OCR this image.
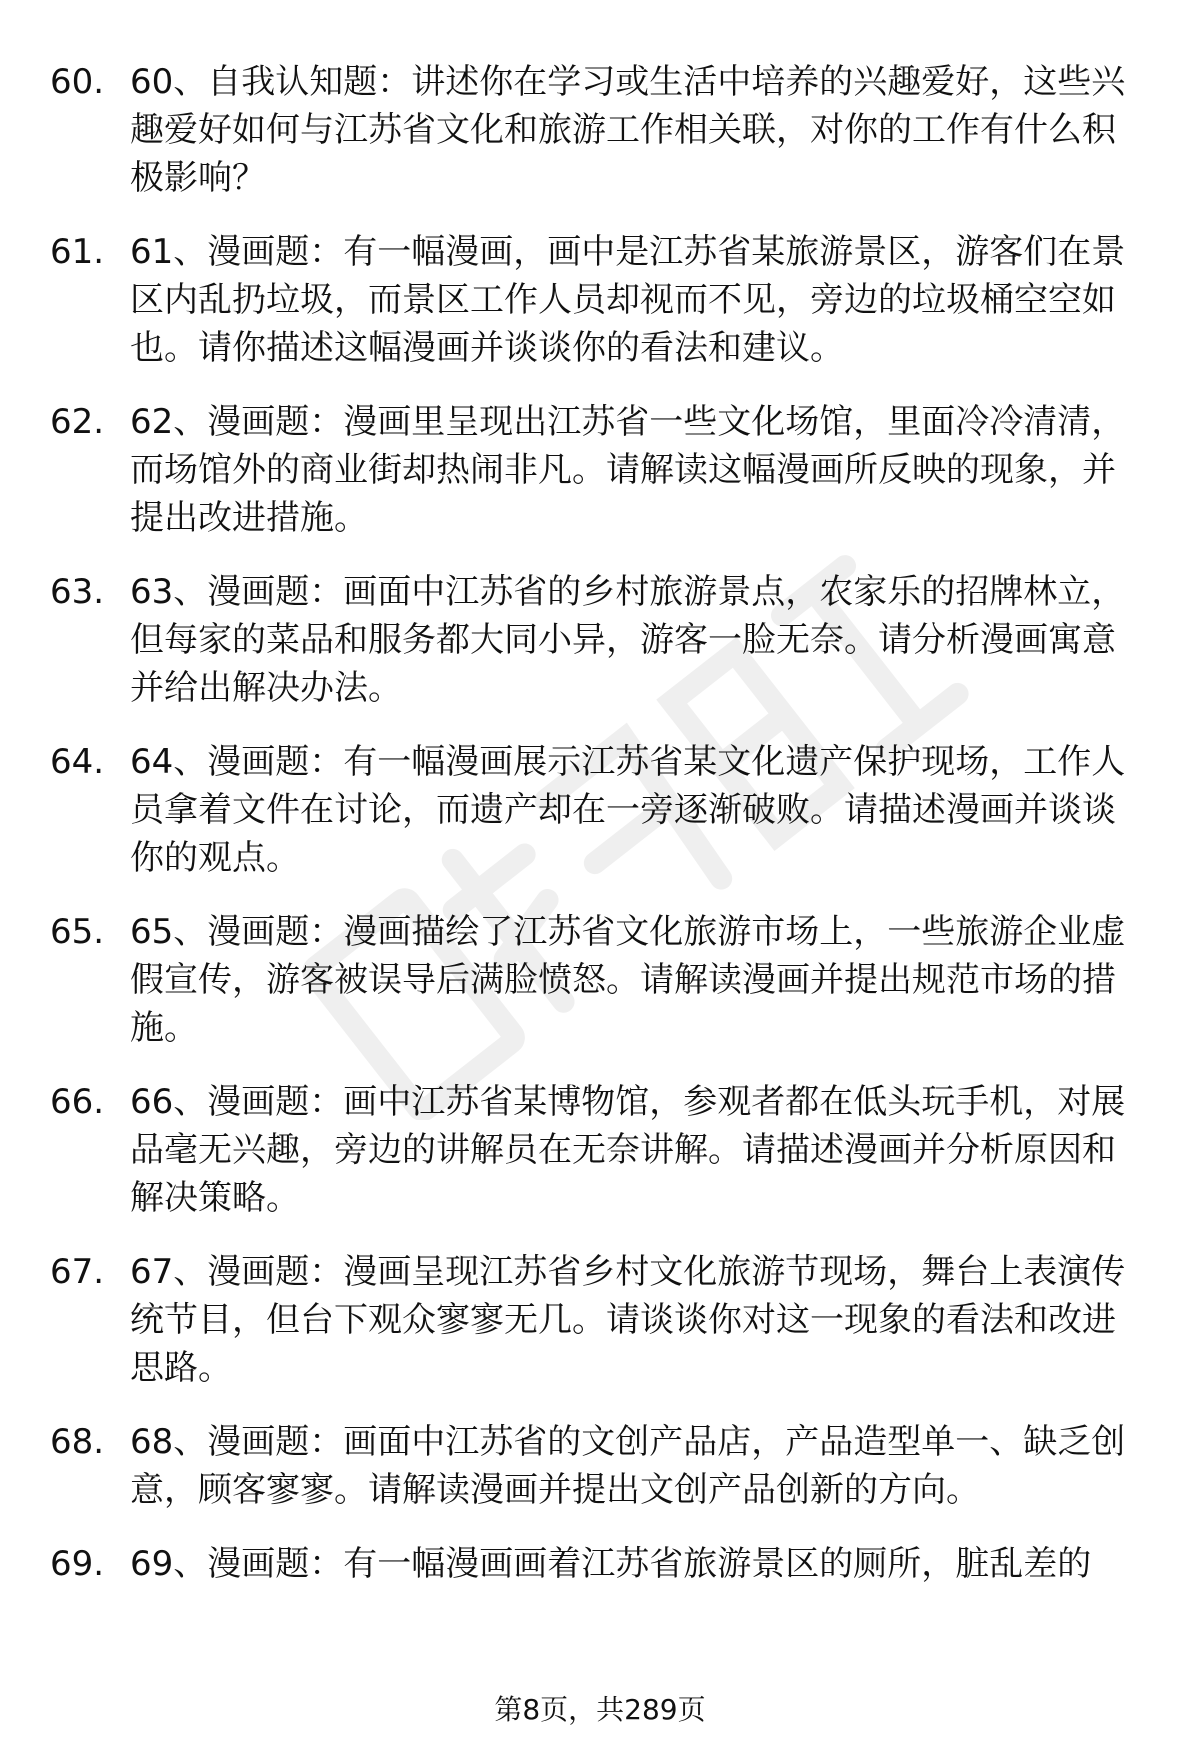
60. 60、自我认知题：讲述你在学习或生活中培养的兴趣爱好，这些兴趣爱好如何与江苏省文化和旅游工作相关联，对你的工作有什么积极影响？
61. 61、漫画题：有一幅漫画，画中是江苏省某旅游景区，游客们在景区内乱扔垃圾，而景区工作人员却视而不见，旁边的垃圾桶空空如也。请你描述这幅漫画并谈谈你的看法和建议。
62. 62、漫画题：漫画里呈现出江苏省一些文化场馆，里面冷冷清清，而场馆外的商业街却热闹非凡。请解读这幅漫画所反映的现象，并提出改进措施。
63. 63、漫画题：画面中江苏省的乡村旅游景点，农家乐的招牌林立，但每家的菜品和服务都大同小异，游客一脸无奈。请分析漫画寓意并给出解决办法。
64. 64、漫画题：有一幅漫画展示江苏省某文化遗产保护现场，工作人员拿着文件在讨论，而遗产却在一旁逐渐破败。请描述漫画并谈谈你的观点。
65. 65、漫画题：漫画描绘了江苏省文化旅游市场上，一些旅游企业虚假宣传，游客被误导后满脸愤怒。请解读漫画并提出规范市场的措施。
66. 66、漫画题：画中江苏省某博物馆，参观者都在低头玩手机，对展品毫无兴趣，旁边的讲解员在无奈讲解。请描述漫画并分析原因和解决策略。
67. 67、漫画题：漫画呈现江苏省乡村文化旅游节现场，舞台上表演传统节目，但台下观众寥寥无几。请谈谈你对这一现象的看法和改进思路。
68. 68、漫画题：画面中江苏省的文创产品店，产品造型单一、缺乏创意，顾客寥寥。请解读漫画并提出文创产品创新的方向。
69. 69、漫画题：有一幅漫画画着江苏省旅游景区的厕所，脏乱差的
第8页，共289页
